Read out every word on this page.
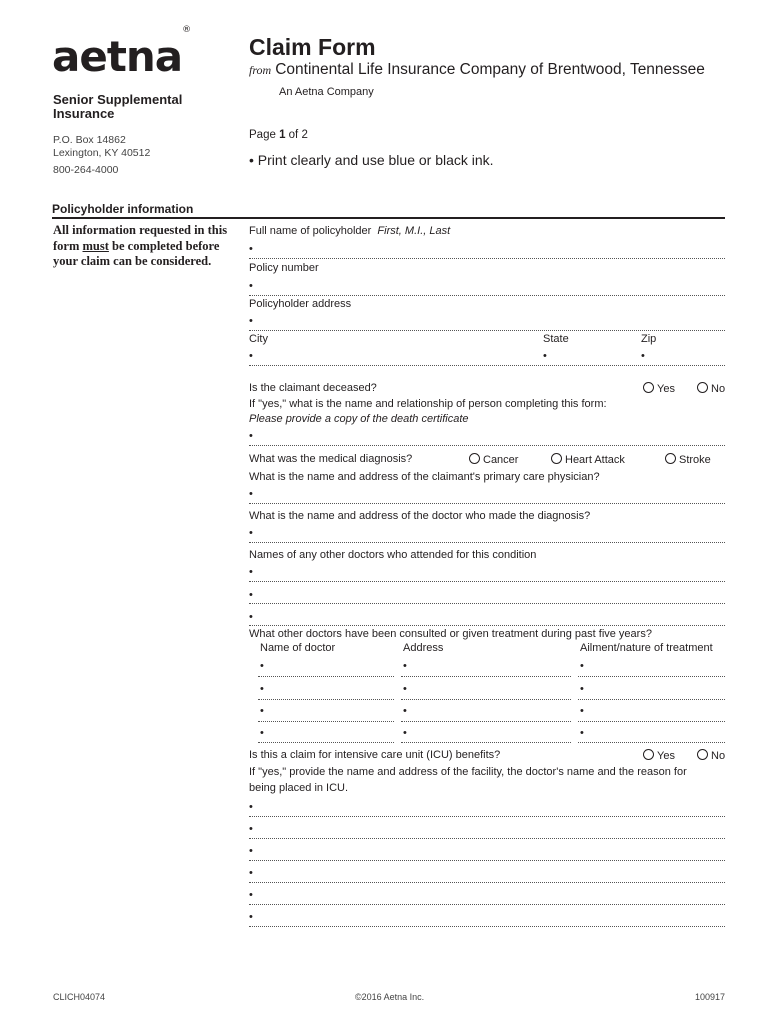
aetna®
Senior Supplemental Insurance
P.O. Box 14862
Lexington, KY 40512
800-264-4000
Claim Form
from Continental Life Insurance Company of Brentwood, Tennessee
An Aetna Company
Page 1 of 2
• Print clearly and use blue or black ink.
Policyholder information
All information requested in this form must be completed before your claim can be considered.
Full name of policyholder First, M.I., Last
•
Policy number
•
Policyholder address
•
City	State	Zip
•	•	•
Is the claimant deceased?	Yes	No
If "yes," what is the name and relationship of person completing this form:
Please provide a copy of the death certificate
•
What was the medical diagnosis?	Cancer	Heart Attack	Stroke
What is the name and address of the claimant's primary care physician?
•
What is the name and address of the doctor who made the diagnosis?
•
Names of any other doctors who attended for this condition
•
•
•
What other doctors have been consulted or given treatment during past five years?
Name of doctor	Address	Ailment/nature of treatment
•	•	•
•	•	•
•	•	•
•	•	•
Is this a claim for intensive care unit (ICU) benefits?	Yes	No
If "yes," provide the name and address of the facility, the doctor's name and the reason for
being placed in ICU.
•
•
•
•
•
•
CLICH04074	©2016 Aetna Inc.	100917
